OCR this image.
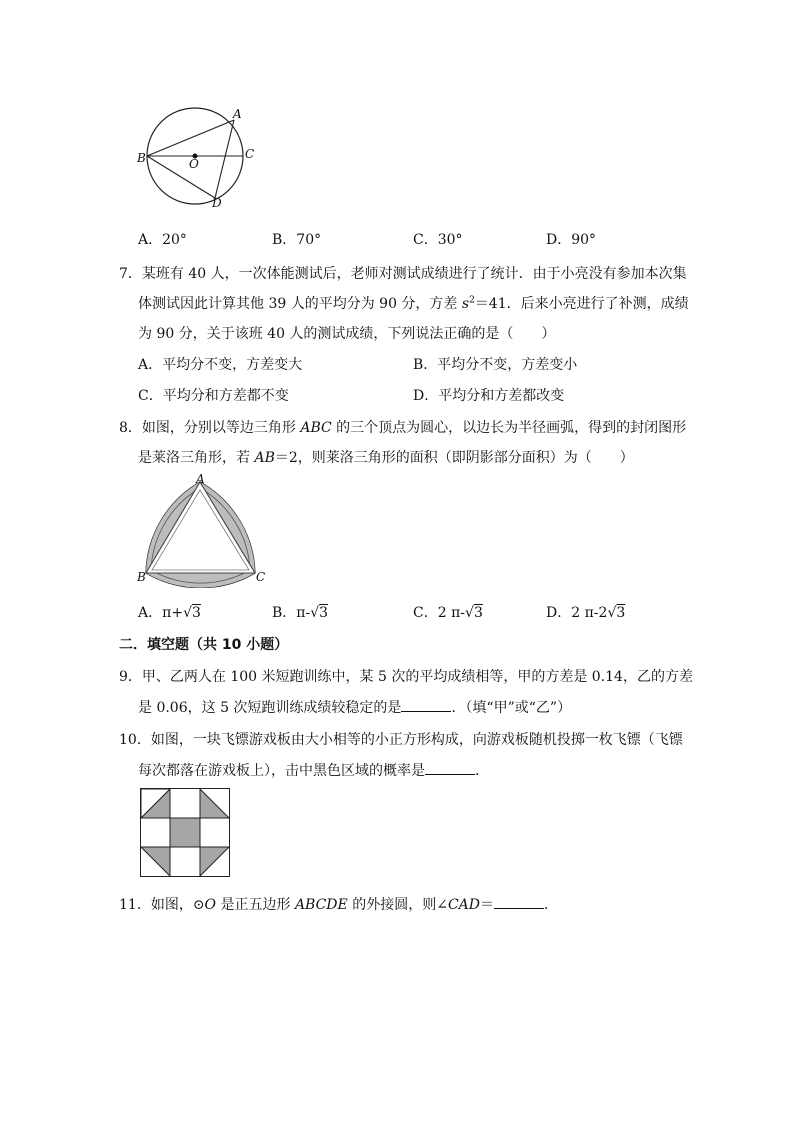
A
B	C
D
O
A．20°	B．70°	C．30°	D．90°
7．某班有 40 人，一次体能测试后，老师对测试成绩进行了统计．由于小亮没有参加本次集
体测试因此计算其他 39 人的平均分为 90 分，方差 $s^2=41$．后来小亮进行了补测，成绩
为 90 分，关于该班 40 人的测试成绩，下列说法正确的是（　　）
A．平均分不变，方差变大	B．平均分不变，方差变小
C．平均分和方差都不变	D．平均分和方差都改变
8．如图，分别以等边三角形 ABC 的三个顶点为圆心，以边长为半径画弧，得到的封闭图形
是莱洛三角形，若 AB＝2，则莱洛三角形的面积（即阴影部分面积）为（　　）
A
B	C
A．π+√3	B．π-√3	C．2 π-√3	D．2 π-2√3
二．填空题（共 10 小题）
9．甲、乙两人在 100 米短跑训练中，某 5 次的平均成绩相等，甲的方差是 0.14，乙的方差
是 0.06，这 5 次短跑训练成绩较稳定的是	．（填“甲”或“乙”）
10．如图，一块飞镖游戏板由大小相等的小正方形构成，向游戏板随机投掷一枚飞镖（飞镖
每次都落在游戏板上），击中黑色区域的概率是	．
11．如图，⊙O 是正五边形 ABCDE 的外接圆，则∠CAD＝	．
